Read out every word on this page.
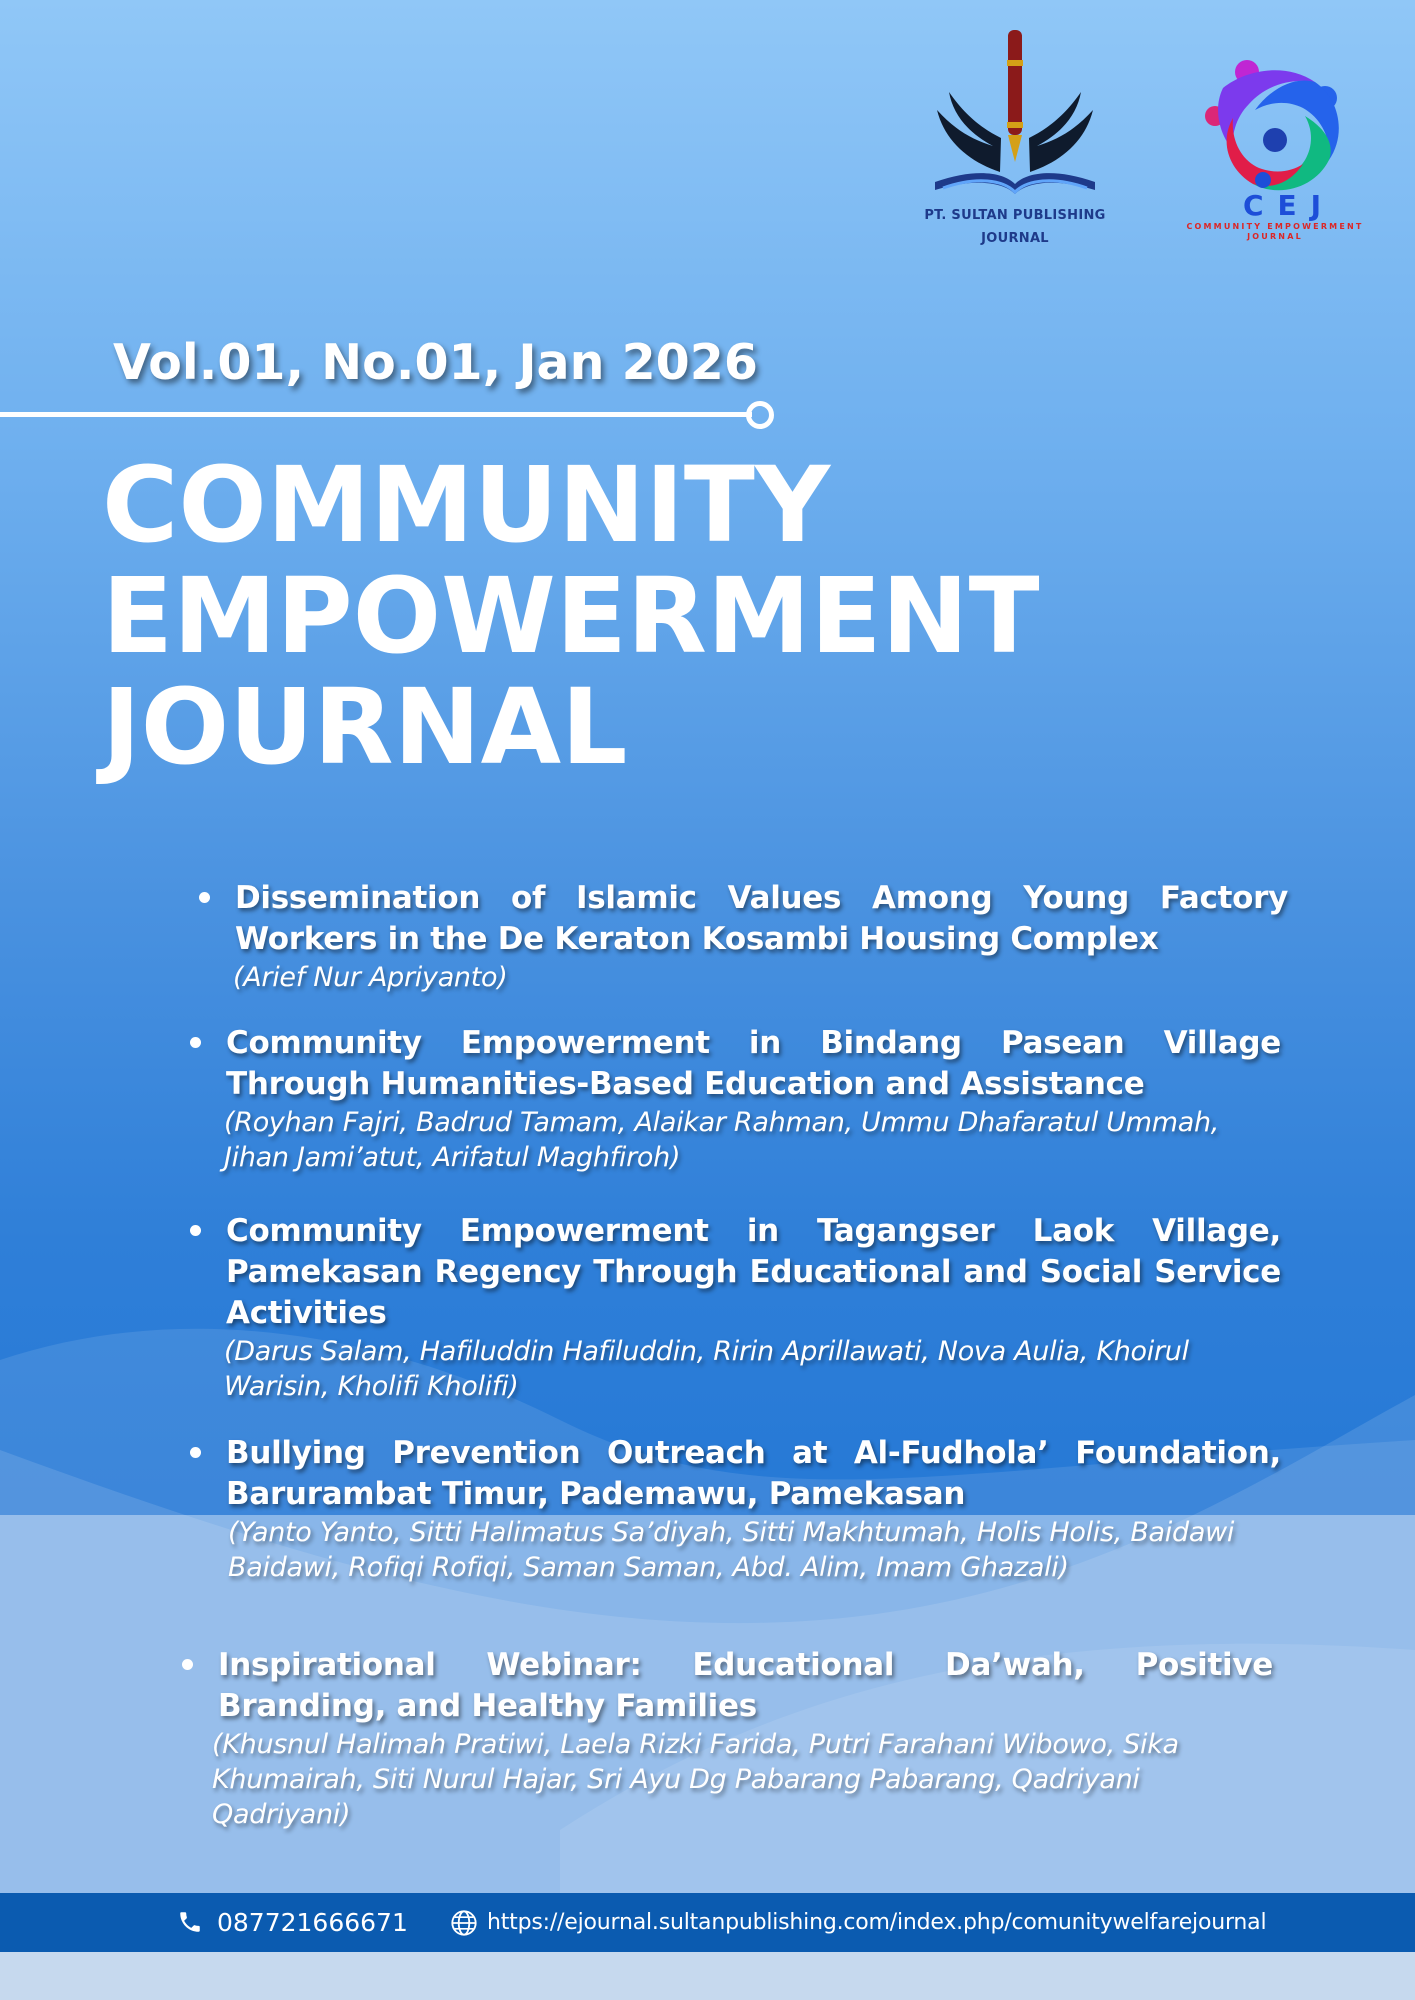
PT. SULTAN PUBLISHING
JOURNAL
CEJ
COMMUNITY EMPOWERMENT
JOURNAL
Vol.01, No.01, Jan 2026
COMMUNITY
EMPOWERMENT
JOURNAL
Dissemination of Islamic Values Among Young Factory Workers in the De Keraton Kosambi Housing Complex
(Arief Nur Apriyanto)
Community Empowerment in Bindang Pasean Village Through Humanities-Based Education and Assistance
(Royhan Fajri, Badrud Tamam, Alaikar Rahman, Ummu Dhafaratul Ummah, Jihan Jami’atut, Arifatul Maghfiroh)
Community Empowerment in Tagangser Laok Village, Pamekasan Regency Through Educational and Social Service Activities
(Darus Salam, Hafiluddin Hafiluddin, Ririn Aprillawati, Nova Aulia, Khoirul Warisin, Kholifi Kholifi)
Bullying Prevention Outreach at Al-Fudhola’ Foundation, Barurambat Timur, Pademawu, Pamekasan
(Yanto Yanto, Sitti Halimatus Sa’diyah, Sitti Makhtumah, Holis Holis, Baidawi Baidawi, Rofiqi Rofiqi, Saman Saman, Abd. Alim, Imam Ghazali)
Inspirational Webinar: Educational Da’wah, Positive Branding, and Healthy Families
(Khusnul Halimah Pratiwi, Laela Rizki Farida, Putri Farahani Wibowo, Sika Khumairah, Siti Nurul Hajar, Sri Ayu Dg Pabarang Pabarang, Qadriyani Qadriyani)
087721666671	https://ejournal.sultanpublishing.com/index.php/comunitywelfarejournal
